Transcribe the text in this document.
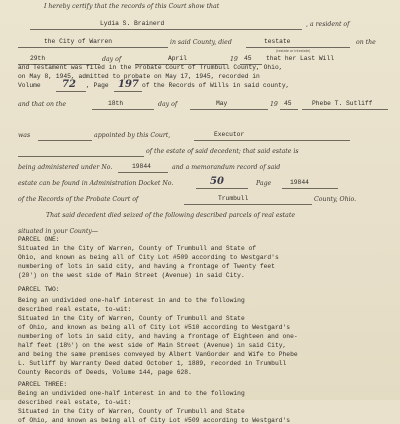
I hereby certify that the records of this Court show that
Lydia S. Brainerd	, a resident of
the City of Warren	in said County, died	testate
(testate or intestate)
on the
29th	day of	April	19 45 that her Last Will
and Testament was filed in the Probate Court of Trumbull County, Ohio,
on May 8, 1945, admitted to probate on May 17, 1945, recorded in
Volume 72 , Page 197 of the Records of Wills in said county,
and that on the	18th	day of	May	19 45	Phebe T. Sutliff
was	appointed by this Court,	Executor
of the estate of said decedent; that said estate is
being administered under No.	19844	and a memorandum record of said
estate can be found in Administration Docket No.	50	Page	19844
of the Records of the Probate Court of	Trumbull	County, Ohio.
That said decedent died seized of the following described parcels of real estate
situated in your County—
PARCEL ONE:
Situated in the City of Warren, County of Trumbull and State of
Ohio, and known as being all of City Lot #509 according to Westgard's
numbering of lots in said city, and having a frontage of Twenty feet
(20') on the west side of Main Street (Avenue) in said City.
PARCEL TWO:
Being an undivided one-half interest in and to the following
described real estate, to-wit:
Situated in the City of Warren, County of Trumbull and State
of Ohio, and known as being all of City Lot #510 according to Westgard's
numbering of lots in said city, and having a frontage of Eighteen and one-
half feet (18½') on the west side of Main Street (Avenue) in said City,
and being the same premises conveyed by Albert VanGorder and Wife to Phebe
L. Sutliff by Warranty Deed dated October 1, 1889, recorded in Trumbull
County Records of Deeds, Volume 144, page 628.
PARCEL THREE:
Being an undivided one-half interest in and to the following
described real estate, to-wit:
Situated in the City of Warren, County of Trumbull and State
of Ohio, and known as being all of City Lot #509 according to Westgard's
